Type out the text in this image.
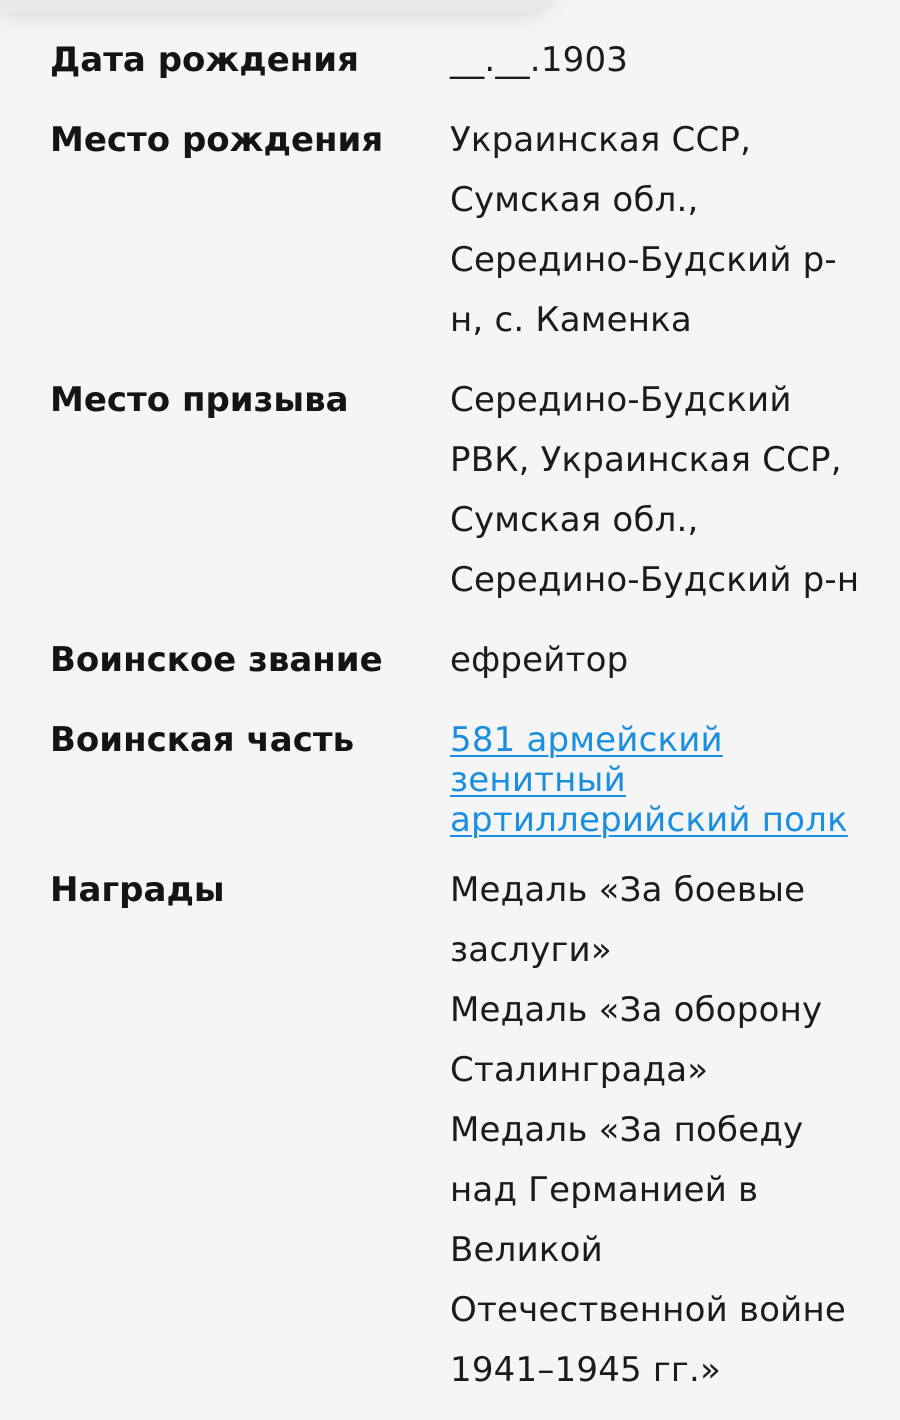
Дата рождения	__.__.1903
Место рождения	Украинская ССР,
Сумская обл.,
Середино-Будский р-
н, с. Каменка
Место призыва	Середино-Будский
РВК, Украинская ССР,
Сумская обл.,
Середино-Будский р-н
Воинское звание	ефрейтор
Воинская часть	581 армейский
зенитный
артиллерийский полк
Награды	Медаль «За боевые
заслуги»
Медаль «За оборону
Сталинграда»
Медаль «За победу
над Германией в
Великой
Отечественной войне
1941–1945 гг.»
